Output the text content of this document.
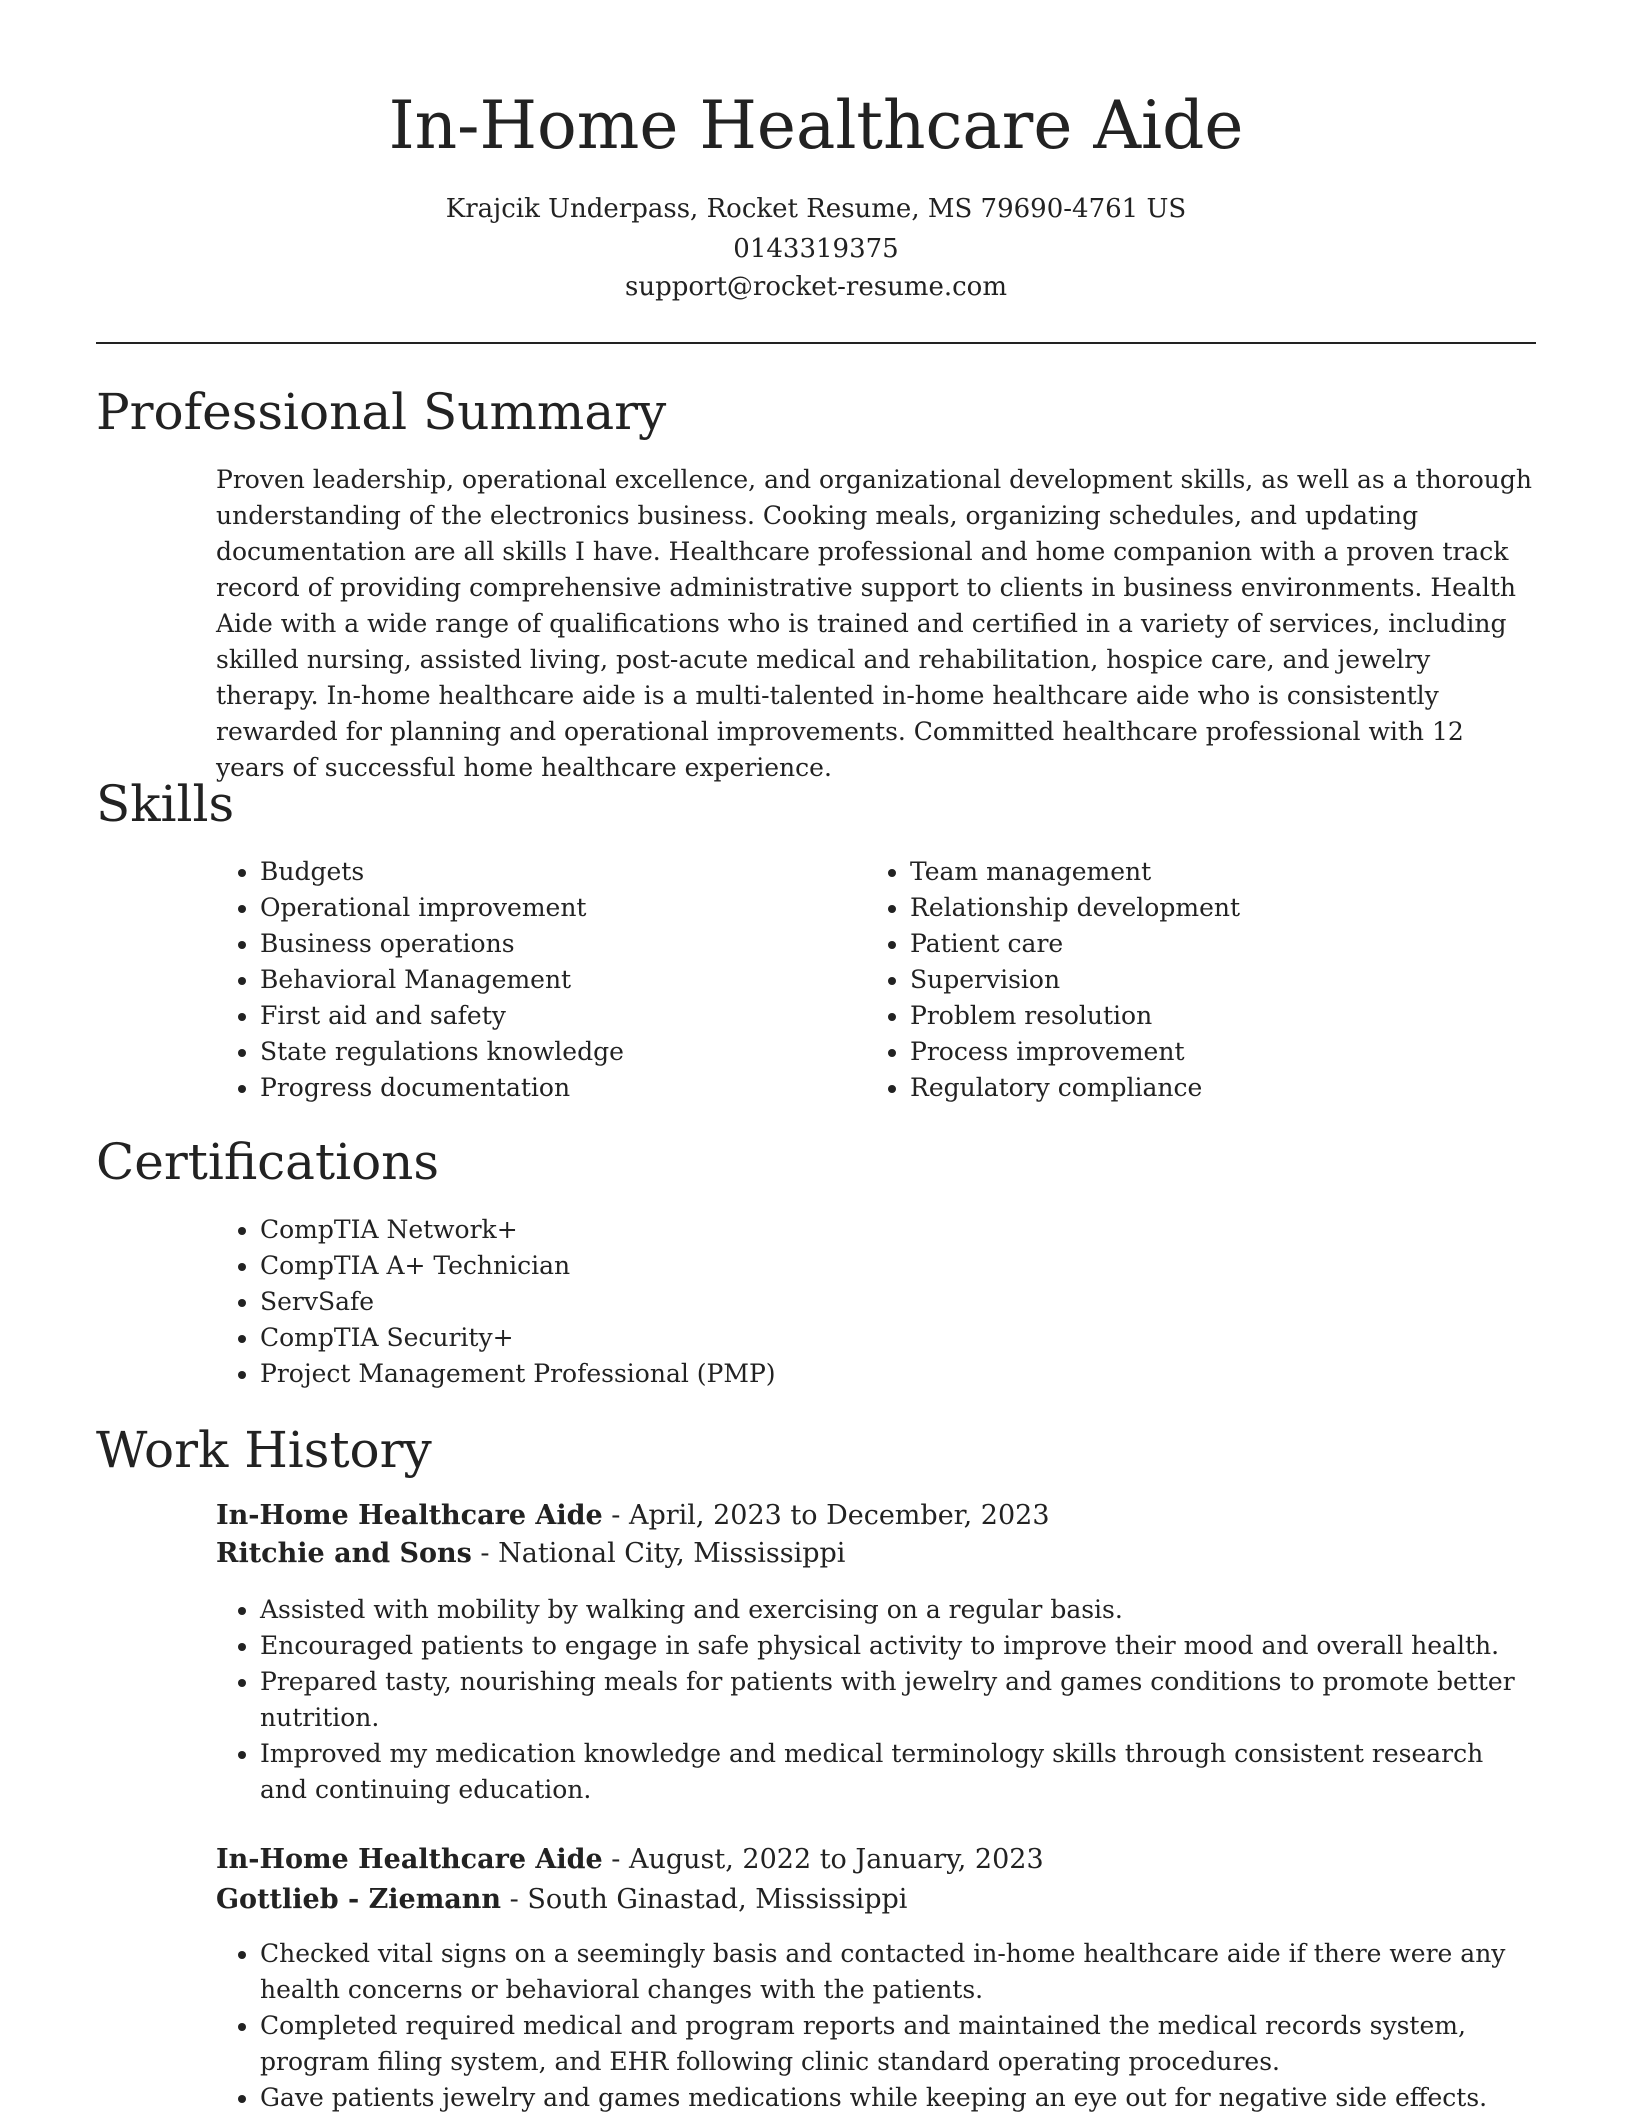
In-Home Healthcare Aide
Krajcik Underpass, Rocket Resume, MS 79690-4761 US
0143319375
support@rocket-resume.com
Professional Summary
Proven leadership, operational excellence, and organizational development skills, as well as a thorough understanding of the electronics business. Cooking meals, organizing schedules, and updating documentation are all skills I have. Healthcare professional and home companion with a proven track record of providing comprehensive administrative support to clients in business environments. Health Aide with a wide range of qualifications who is trained and certified in a variety of services, including skilled nursing, assisted living, post-acute medical and rehabilitation, hospice care, and jewelry therapy. In-home healthcare aide is a multi-talented in-home healthcare aide who is consistently rewarded for planning and operational improvements. Committed healthcare professional with 12 years of successful home healthcare experience.
Skills
• Budgets
• Operational improvement
• Business operations
• Behavioral Management
• First aid and safety
• State regulations knowledge
• Progress documentation
• Team management
• Relationship development
• Patient care
• Supervision
• Problem resolution
• Process improvement
• Regulatory compliance
Certifications
• CompTIA Network+
• CompTIA A+ Technician
• ServSafe
• CompTIA Security+
• Project Management Professional (PMP)
Work History
In-Home Healthcare Aide - April, 2023 to December, 2023
Ritchie and Sons - National City, Mississippi
• Assisted with mobility by walking and exercising on a regular basis.
• Encouraged patients to engage in safe physical activity to improve their mood and overall health.
• Prepared tasty, nourishing meals for patients with jewelry and games conditions to promote better nutrition.
• Improved my medication knowledge and medical terminology skills through consistent research and continuing education.
In-Home Healthcare Aide - August, 2022 to January, 2023
Gottlieb - Ziemann - South Ginastad, Mississippi
• Checked vital signs on a seemingly basis and contacted in-home healthcare aide if there were any health concerns or behavioral changes with the patients.
• Completed required medical and program reports and maintained the medical records system, program filing system, and EHR following clinic standard operating procedures.
• Gave patients jewelry and games medications while keeping an eye out for negative side effects.
